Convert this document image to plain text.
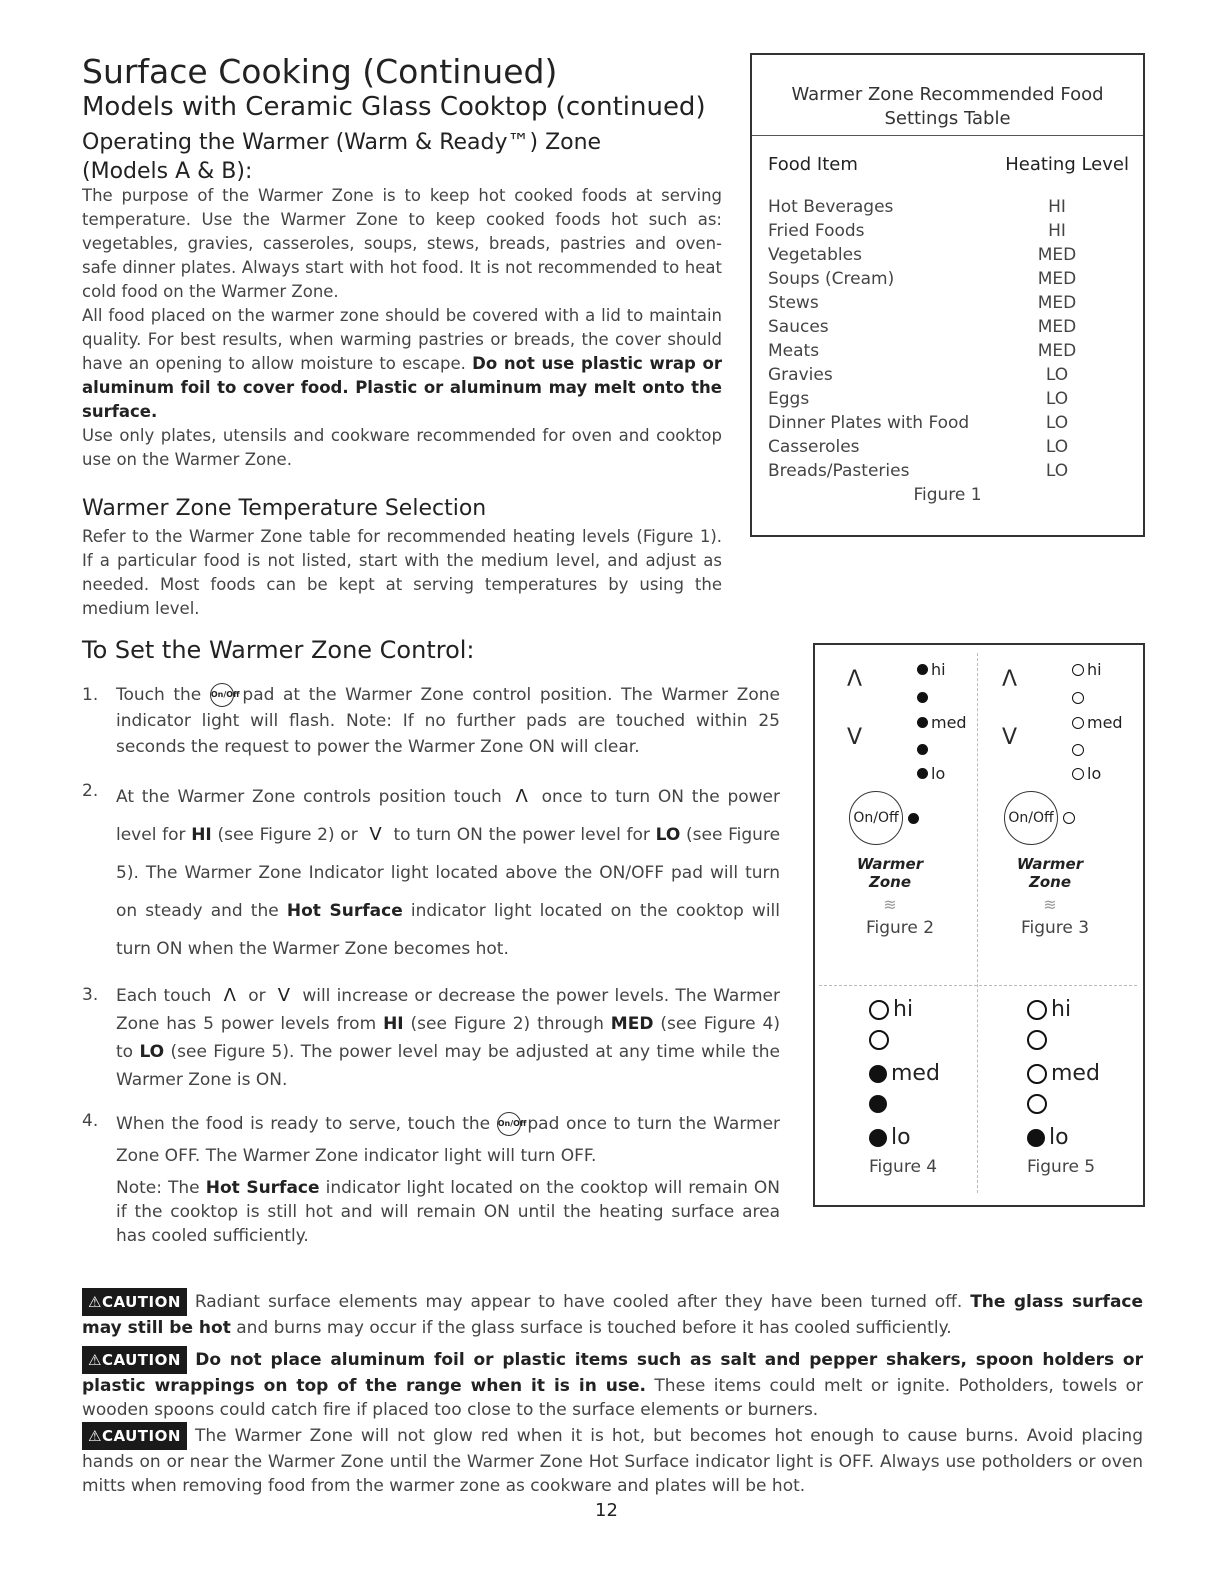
Surface Cooking (Continued)
Models with Ceramic Glass Cooktop (continued)
Operating the Warmer (Warm & Ready™) Zone
(Models A & B):

The purpose of the Warmer Zone is to keep hot cooked foods at serving temperature. Use the Warmer Zone to keep cooked foods hot such as: vegetables, gravies, casseroles, soups, stews, breads, pastries and oven-safe dinner plates. Always start with hot food. It is not recommended to heat cold food on the Warmer Zone.

All food placed on the warmer zone should be covered with a lid to maintain quality. For best results, when warming pastries or breads, the cover should have an opening to allow moisture to escape. Do not use plastic wrap or aluminum foil to cover food. Plastic or aluminum may melt onto the surface.

Use only plates, utensils and cookware recommended for oven and cooktop use on the Warmer Zone.

Warmer Zone Temperature Selection
Refer to the Warmer Zone table for recommended heating levels (Figure 1). If a particular food is not listed, start with the medium level, and adjust as needed. Most foods can be kept at serving temperatures by using the medium level.
Warmer Zone Recommended Food
Settings Table
Food Item	Heating Level
Hot Beverages	HI
Fried Foods	HI
Vegetables	MED
Soups (Cream)	MED
Stews	MED
Sauces	MED
Meats	MED
Gravies	LO
Eggs	LO
Dinner Plates with Food	LO
Casseroles	LO
Breads/Pasteries	LO
Figure 1
To Set the Warmer Zone Control:
1.	Touch the On/Off pad at the Warmer Zone control position. The Warmer Zone indicator light will flash. Note: If no further pads are touched within 25 seconds the request to power the Warmer Zone ON will clear.
2.	At the Warmer Zone controls position touch Λ once to turn ON the power level for HI (see Figure 2) or V to turn ON the power level for LO (see Figure 5). The Warmer Zone Indicator light located above the ON/OFF pad will turn on steady and the Hot Surface indicator light located on the cooktop will turn ON when the Warmer Zone becomes hot.
3.	Each touch Λ or V will increase or decrease the power levels. The Warmer Zone has 5 power levels from HI (see Figure 2) through MED (see Figure 4) to LO (see Figure 5). The power level may be adjusted at any time while the Warmer Zone is ON.
4.	When the food is ready to serve, touch the On/Off pad once to turn the Warmer Zone OFF. The Warmer Zone indicator light will turn OFF.
Note: The Hot Surface indicator light located on the cooktop will remain ON if the cooktop is still hot and will remain ON until the heating surface area has cooled sufficiently.
Λ
V
hi
med
lo
On/Off
Warmer Zone
≋
Figure 2
Λ
V
hi
med
lo
On/Off
Warmer Zone
≋
Figure 3
hi
med
lo
Figure 4
hi
med
lo
Figure 5
⚠CAUTION Radiant surface elements may appear to have cooled after they have been turned off. The glass surface may still be hot and burns may occur if the glass surface is touched before it has cooled sufficiently.
⚠CAUTION Do not place aluminum foil or plastic items such as salt and pepper shakers, spoon holders or plastic wrappings on top of the range when it is in use. These items could melt or ignite. Potholders, towels or wooden spoons could catch fire if placed too close to the surface elements or burners.
⚠CAUTION The Warmer Zone will not glow red when it is hot, but becomes hot enough to cause burns. Avoid placing hands on or near the Warmer Zone until the Warmer Zone Hot Surface indicator light is OFF. Always use potholders or oven mitts when removing food from the warmer zone as cookware and plates will be hot.
12
